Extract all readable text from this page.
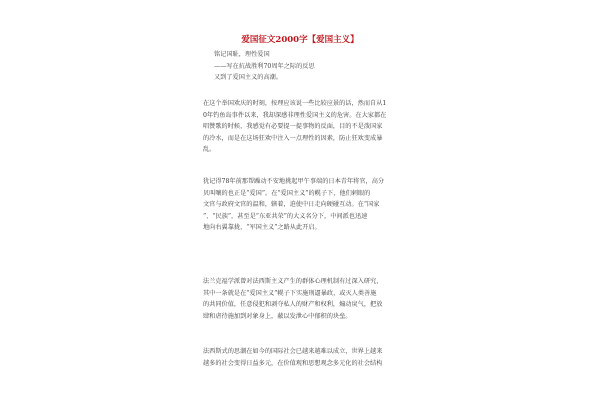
爱国征文2000字【爱国主义】
铭记国耻，理性爱国
——写在抗战胜利70周年之际的反思
又到了爱国主义的高潮。
在这个举国欢庆的时刻，按理应该说一些比较应景的话，然而自从1
0年钓鱼岛事件以来，我却深感非理性爱国主义的危害。在大家都在
唱赞歌的时候，我感觉有必要提一提事物的反面，目的不是泼国家
的冷水，而是在这场狂欢中注入一点理性的因素，防止狂欢变成暴
乱。
犹记得78年前那帮躁动不安地挑起甲午事端的日本青年将官，高分
贝叫嚷的也正是“爱国”。在“爱国主义”的幌子下，他们刺眼的
文官与政府文官的温和，辖着，迫使中日走向硬碰互动。在“国家
”、“民族”，甚至是“东亚共荣”的大义名分下，中间派也迅速
地向右翼靠拢，“军国主义”之路从此开启。
法兰克福学派曾对法西斯主义产生的群体心理机制有过深入研究，
其中一条就是在“爱国主义”幌子下实施刑逼暴政，或灭人类善施
的共同价值，任意侵犯和剥夺私人的财产和权利，煽动戾气，把放
肆和虐待施加到对象身上，蔽以发泄心中郁积的块垒。
法西斯式的思潮在如今的国际社会已越来越难以成立，世界上越来
越多的社会变得日益多元，在价值观和思想观念多元化的社会结构
